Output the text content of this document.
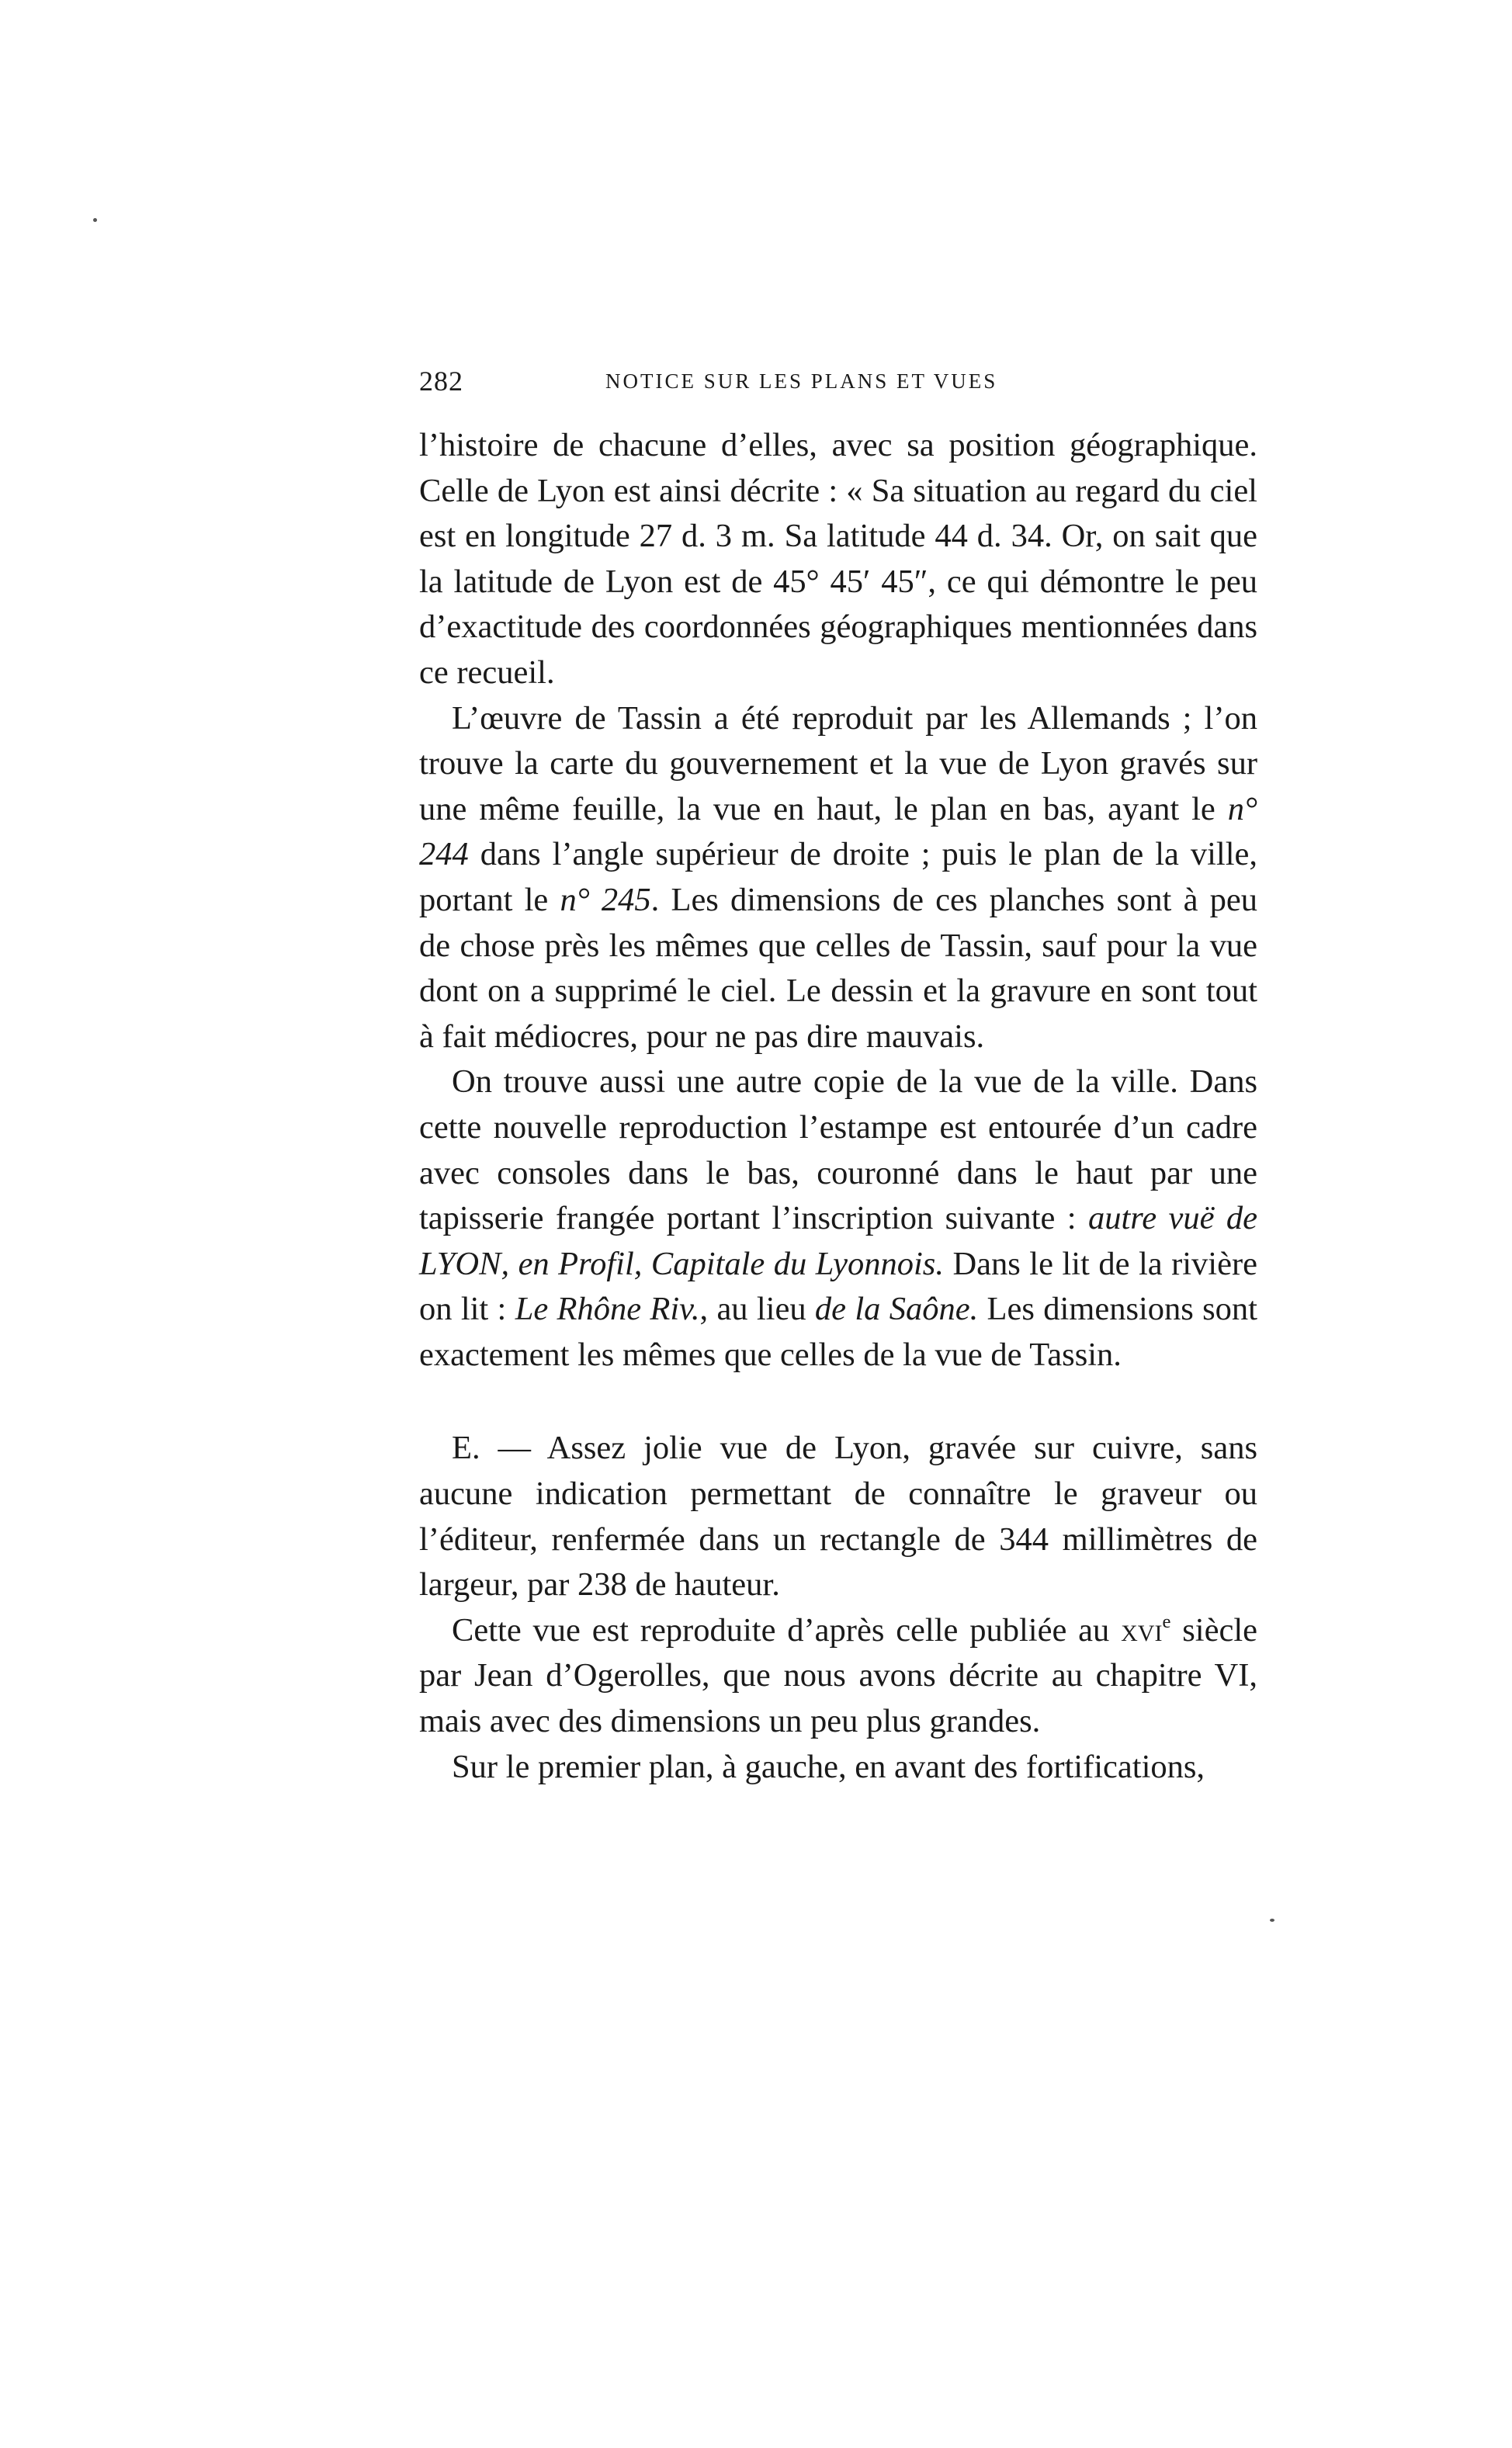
282	NOTICE SUR LES PLANS ET VUES

l’histoire de chacune d’elles, avec sa position géographique. Celle de Lyon est ainsi décrite : « Sa situation au regard du ciel est en longitude 27 d. 3 m. Sa latitude 44 d. 34. Or, on sait que la latitude de Lyon est de 45° 45′ 45″, ce qui démontre le peu d’exactitude des coordonnées géographiques mentionnées dans ce recueil.

L’œuvre de Tassin a été reproduit par les Allemands ; l’on trouve la carte du gouvernement et la vue de Lyon gravés sur une même feuille, la vue en haut, le plan en bas, ayant le n° 244 dans l’angle supérieur de droite ; puis le plan de la ville, portant le n° 245. Les dimensions de ces planches sont à peu de chose près les mêmes que celles de Tassin, sauf pour la vue dont on a supprimé le ciel. Le dessin et la gravure en sont tout à fait médiocres, pour ne pas dire mauvais.

On trouve aussi une autre copie de la vue de la ville. Dans cette nouvelle reproduction l’estampe est entourée d’un cadre avec consoles dans le bas, couronné dans le haut par une tapisserie frangée portant l’inscription suivante : autre vuë de LYON, en Profil, Capitale du Lyonnois. Dans le lit de la rivière on lit : Le Rhône Riv., au lieu de la Saône. Les dimensions sont exactement les mêmes que celles de la vue de Tassin.

E. — Assez jolie vue de Lyon, gravée sur cuivre, sans aucune indication permettant de connaître le graveur ou l’éditeur, renfermée dans un rectangle de 344 millimètres de largeur, par 238 de hauteur.

Cette vue est reproduite d’après celle publiée au xvi$^e$ siècle par Jean d’Ogerolles, que nous avons décrite au chapitre VI, mais avec des dimensions un peu plus grandes.

Sur le premier plan, à gauche, en avant des fortifications,
